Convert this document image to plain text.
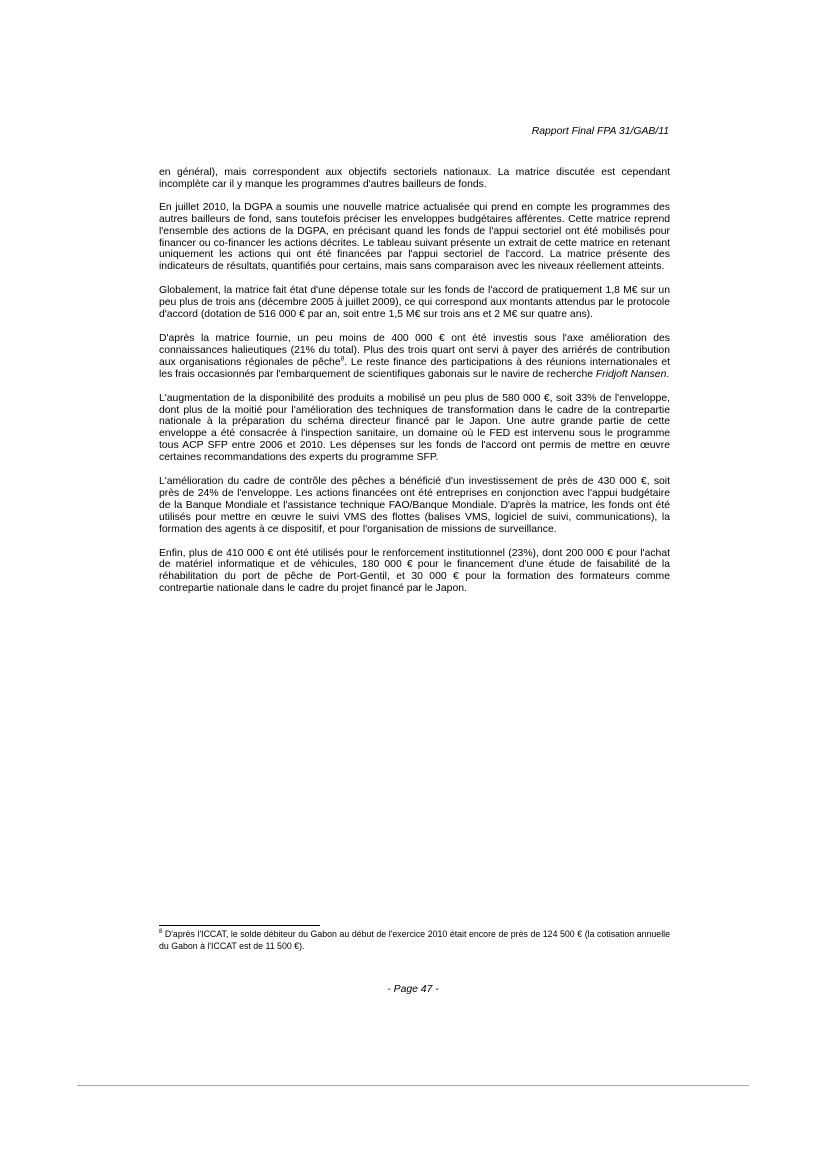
Rapport Final FPA 31/GAB/11

en général), mais correspondent aux objectifs sectoriels nationaux. La matrice discutée est cependant incomplète car il y manque les programmes d'autres bailleurs de fonds.

En juillet 2010, la DGPA a soumis une nouvelle matrice actualisée qui prend en compte les programmes des autres bailleurs de fond, sans toutefois préciser les enveloppes budgétaires afférentes. Cette matrice reprend l'ensemble des actions de la DGPA, en précisant quand les fonds de l'appui sectoriel ont été mobilisés pour financer ou co-financer les actions décrites. Le tableau suivant présente un extrait de cette matrice en retenant uniquement les actions qui ont été financées par l'appui sectoriel de l'accord. La matrice présente des indicateurs de résultats, quantifiés pour certains, mais sans comparaison avec les niveaux réellement atteints.

Globalement, la matrice fait état d'une dépense totale sur les fonds de l'accord de pratiquement 1,8 M€ sur un peu plus de trois ans (décembre 2005 à juillet 2009), ce qui correspond aux montants attendus par le protocole d'accord (dotation de 516 000 € par an, soit entre 1,5 M€ sur trois ans et 2 M€ sur quatre ans).

D'après la matrice fournie, un peu moins de 400 000 € ont été investis sous l'axe amélioration des connaissances halieutiques (21% du total). Plus des trois quart ont servi à payer des arriérés de contribution aux organisations régionales de pêche$^8$. Le reste finance des participations à des réunions internationales et les frais occasionnés par l'embarquement de scientifiques gabonais sur le navire de recherche Fridjoft Nansen.

L'augmentation de la disponibilité des produits a mobilisé un peu plus de 580 000 €, soit 33% de l'enveloppe, dont plus de la moitié pour l'amélioration des techniques de transformation dans le cadre de la contrepartie nationale à la préparation du schéma directeur financé par le Japon. Une autre grande partie de cette enveloppe a été consacrée à l'inspection sanitaire, un domaine où le FED est intervenu sous le programme tous ACP SFP entre 2006 et 2010. Les dépenses sur les fonds de l'accord ont permis de mettre en œuvre certaines recommandations des experts du programme SFP.

L'amélioration du cadre de contrôle des pêches a bénéficié d'un investissement de près de 430 000 €, soit près de 24% de l'enveloppe. Les actions financées ont été entreprises en conjonction avec l'appui budgétaire de la Banque Mondiale et l'assistance technique FAO/Banque Mondiale. D'après la matrice, les fonds ont été utilisés pour mettre en œuvre le suivi VMS des flottes (balises VMS, logiciel de suivi, communications), la formation des agents à ce dispositif, et pour l'organisation de missions de surveillance.

Enfin, plus de 410 000 € ont été utilisés pour le renforcement institutionnel (23%), dont 200 000 € pour l'achat de matériel informatique et de véhicules, 180 000 € pour le financement d'une étude de faisabilité de la réhabilitation du port de pêche de Port-Gentil, et 30 000 € pour la formation des formateurs comme contrepartie nationale dans le cadre du projet financé par le Japon.

$^8$ D'après l'ICCAT, le solde débiteur du Gabon au début de l'exercice 2010 était encore de près de 124 500 € (la cotisation annuelle du Gabon à l'ICCAT est de 11 500 €).
- Page 47 -
